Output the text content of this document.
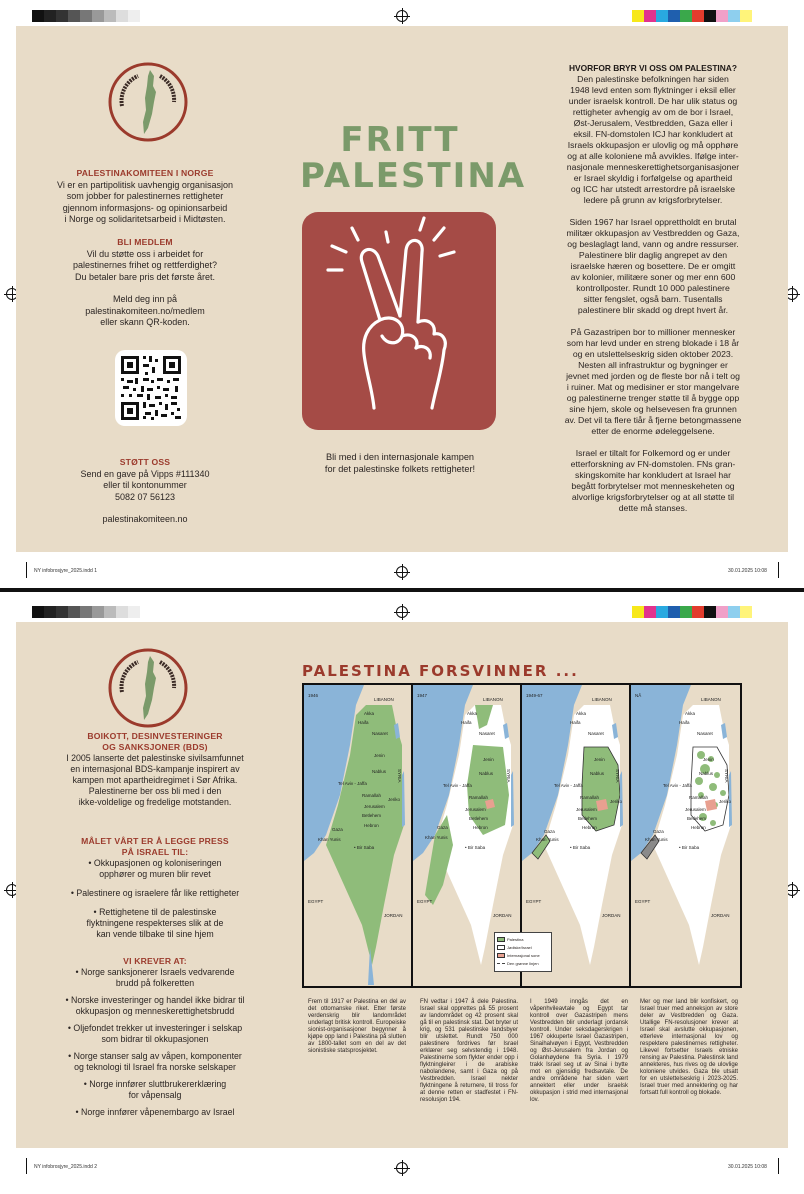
PALESTINAKOMITEEN I NORGE
Vi er en partipolitisk uavhengig organisasjon
som jobber for palestinernes rettigheter
gjennom informasjons- og opinionsarbeid
i Norge og solidaritetsarbeid i Midtøsten.
BLI MEDLEM
Vil du støtte oss i arbeidet for
palestinernes frihet og rettferdighet?
Du betaler bare pris det første året.
Meld deg inn på
palestinakomiteen.no/medlem
eller skann QR-koden.
STØTT OSS
Send en gave på Vipps #111340
eller til kontonummer
5082 07 56123
palestinakomiteen.no
FRITT
PALESTINA
Bli med i den internasjonale kampen
for det palestinske folkets rettigheter!
HVORFOR BRYR VI OSS OM PALESTINA?
Den palestinske befolkningen har siden
1948 levd enten som flyktninger i eksil eller
under israelsk kontroll. De har ulik status og
rettigheter avhengig av om de bor i Israel,
Øst-Jerusalem, Vestbredden, Gaza eller i
eksil. FN-domstolen ICJ har konkludert at
Israels okkupasjon er ulovlig og må opphøre
og at alle koloniene må avvikles. Ifølge inter-
nasjonale menneskerettighetsorganisasjoner
er Israel skyldig i forfølgelse og apartheid
og ICC har utstedt arrestordre på israelske
ledere på grunn av krigsforbrytelser.
Siden 1967 har Israel opprettholdt en brutal
militær okkupasjon av Vestbredden og Gaza,
og beslaglagt land, vann og andre ressurser.
Palestinere blir daglig angrepet av den
israelske hæren og bosettere. De er omgitt
av kolonier, militære soner og mer enn 600
kontrollposter. Rundt 10 000 palestinere
sitter fengslet, også barn. Tusentalls
palestinere blir skadd og drept hvert år.
På Gazastripen bor to millioner mennesker
som har levd under en streng blokade i 18 år
og en utslettelseskrig siden oktober 2023.
Nesten all infrastruktur og bygninger er
jevnet med jorden og de fleste bor nå i telt og
i ruiner. Mat og medisiner er stor mangelvare
og palestinerne trenger støtte til å bygge opp
sine hjem, skole og helsevesen fra grunnen
av. Det vil ta flere tiår å fjerne betongmassene
etter de enorme ødeleggelsene.
Israel er tiltalt for Folkemord og er under
etterforskning av FN-domstolen. FNs gran-
skingskomite har konkludert at Israel har
begått forbrytelser mot menneskeheten og
alvorlige krigsforbrytelser og at all støtte til
dette må stanses.
NY infobrosjyre_2025.indd 1	30.01.2025 10:08
NY infobrosjyre_2025.indd 2	30.01.2025 10:08
BOIKOTT, DESINVESTERINGER
OG SANKSJONER (BDS)
I 2005 lanserte det palestinske sivilsamfunnet
en internasjonal BDS-kampanje inspirert av
kampen mot apartheidregimet i Sør Afrika.
Palestinerne ber oss bli med i den
ikke-voldelige og fredelige motstanden.
MÅLET VÅRT ER Å LEGGE PRESS
PÅ ISRAEL TIL:
• Okkupasjonen og koloniseringen
opphører og muren blir revet
• Palestinere og israelere får like rettigheter
• Rettighetene til de palestinske
flyktningene respekterses slik at de
kan vende tilbake til sine hjem
VI KREVER AT:
• Norge sanksjonerer Israels vedvarende
brudd på folkeretten
• Norske investeringer og handel ikke bidrar til
okkupasjon og menneskerettighetsbrudd
• Oljefondet trekker ut investeringer i selskap
som bidrar til okkupasjonen
• Norge stanser salg av våpen, komponenter
og teknologi til Israel fra norske selskaper
• Norge innfører sluttbrukererklæring
for våpensalg
• Norge innfører våpenembargo av Israel
PALESTINA FORSVINNER ...
1946
LIBANON
Akka
Haifa
Nasaret
Jenin
Nablus
Tel Aviv - Jaffa
Ramallah
Jeriko
Jerusalem
Betlehem
Hebron
Gaza
Khan Yunis
• Bir Saba
EGYPT
JORDAN
SYRIA
1947
LIBANON
Akka
Haifa
Nasaret
Jenin
Nablus
Tel Aviv - Jaffa
Ramallah
Jerusalem
Betlehem
Hebron
Gaza
Khan Yunis
• Bir Saba
EGYPT
JORDAN
SYRIA
1949-67
LIBANON
Akka
Haifa
Nasaret
Jenin
Nablus
Tel Aviv - Jaffa
Ramallah
Jeriko
Jerusalem
Betlehem
Hebron
Gaza
Khan Yunis
• Bir Saba
EGYPT
JORDAN
SYRIA
NÅ
LIBANON
Akka
Haifa
Nasaret
Jenin
Nablus
Tel Aviv - Jaffa
Ramallah
Jeriko
Jerusalem
Betlehem
Hebron
Gaza
Khan Yunis
• Bir Saba
EGYPT
JORDAN
SYRIA
Palestina
Jødiske/Israel
Internasjonal sone
Den grønne linjen
Frem til 1917 er Palestina en del av det ottomanske riket. Etter første verdenskrig blir landområdet underlagt britisk kontroll. Europeiske sionist-organisasjoner begynner å kjøpe opp land i Palestina på slutten av 1800-tallet som en del av det sionistiske statsprosjektet.
FN vedtar i 1947 å dele Palestina. Israel skal opprettes på 55 prosent av landområdet og 42 prosent skal gå til en palestinsk stat. Det bryter ut krig, og 531 palestinske landsbyer blir utslettet. Rundt 750 000 palestinere fordrives før Israel erklærer seg selvstendig i 1948. Palestinerne som flykter ender opp i flyktningleirer i de arabiske nabolandene, samt i Gaza og på Vestbredden. Israel nekter flyktningene å returnere, til tross for at denne retten er stadfestet i FN-resolusjon 194.
I 1949 inngås det en våpenhvileavtale og Egypt tar kontroll over Gazastripen mens Vestbredden blir underlagt jordansk kontroll. Under seksdagerskrigen i 1967 okkuperte Israel Gazastripen, Sinaihalvøyen i Egypt, Vestbredden og Øst-Jerusalem fra Jordan og Golanhøydene fra Syria. I 1979 trakk Israel seg ut av Sinai i bytte mot en gjensidig fredsavtale. De andre områdene har siden vært annektert eller under israelsk okkupasjon i strid med internasjonal lov.
Mer og mer land blir konfiskert, og Israel truer med anneksjon av store deler av Vestbredden og Gaza. Utallige FN-resolusjoner krever at Israel skal avslutte okkupasjonen, etterleve internasjonal lov og respektere palestinernes rettigheter. Likevel fortsetter Israels etniske rensing av Palestina. Palestinsk land annekteres, hus rives og de ulovlige koloniene utvides. Gaza ble utsatt for en utslettelseskrig i 2023-2025. Israel truer med annektering og har fortsatt full kontroll og blokade.
